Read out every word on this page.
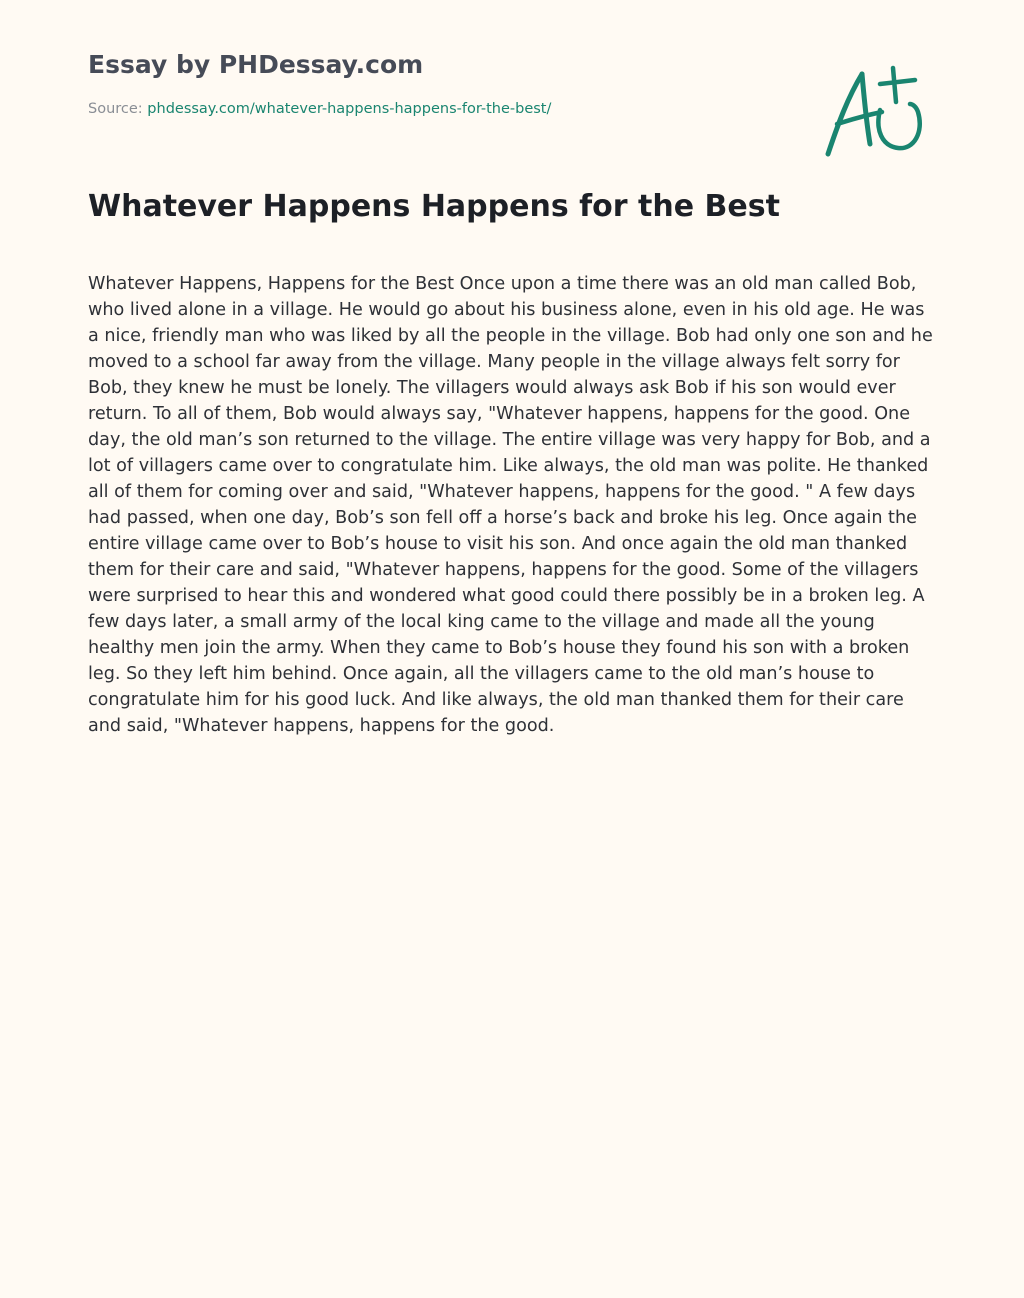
Essay by PHDessay.com

Source: phdessay.com/whatever-happens-happens-for-the-best/

Whatever Happens Happens for the Best

Whatever Happens, Happens for the Best Once upon a time there was an old man called Bob, who lived alone in a village. He would go about his business alone, even in his old age. He was a nice, friendly man who was liked by all the people in the village. Bob had only one son and he moved to a school far away from the village. Many people in the village always felt sorry for Bob, they knew he must be lonely. The villagers would always ask Bob if his son would ever return. To all of them, Bob would always say, "Whatever happens, happens for the good. One day, the old man’s son returned to the village. The entire village was very happy for Bob, and a lot of villagers came over to congratulate him. Like always, the old man was polite. He thanked all of them for coming over and said, "Whatever happens, happens for the good. " A few days had passed, when one day, Bob’s son fell off a horse’s back and broke his leg. Once again the entire village came over to Bob’s house to visit his son. And once again the old man thanked them for their care and said, "Whatever happens, happens for the good. Some of the villagers were surprised to hear this and wondered what good could there possibly be in a broken leg. A few days later, a small army of the local king came to the village and made all the young healthy men join the army. When they came to Bob’s house they found his son with a broken leg. So they left him behind. Once again, all the villagers came to the old man’s house to congratulate him for his good luck. And like always, the old man thanked them for their care and said, "Whatever happens, happens for the good.
